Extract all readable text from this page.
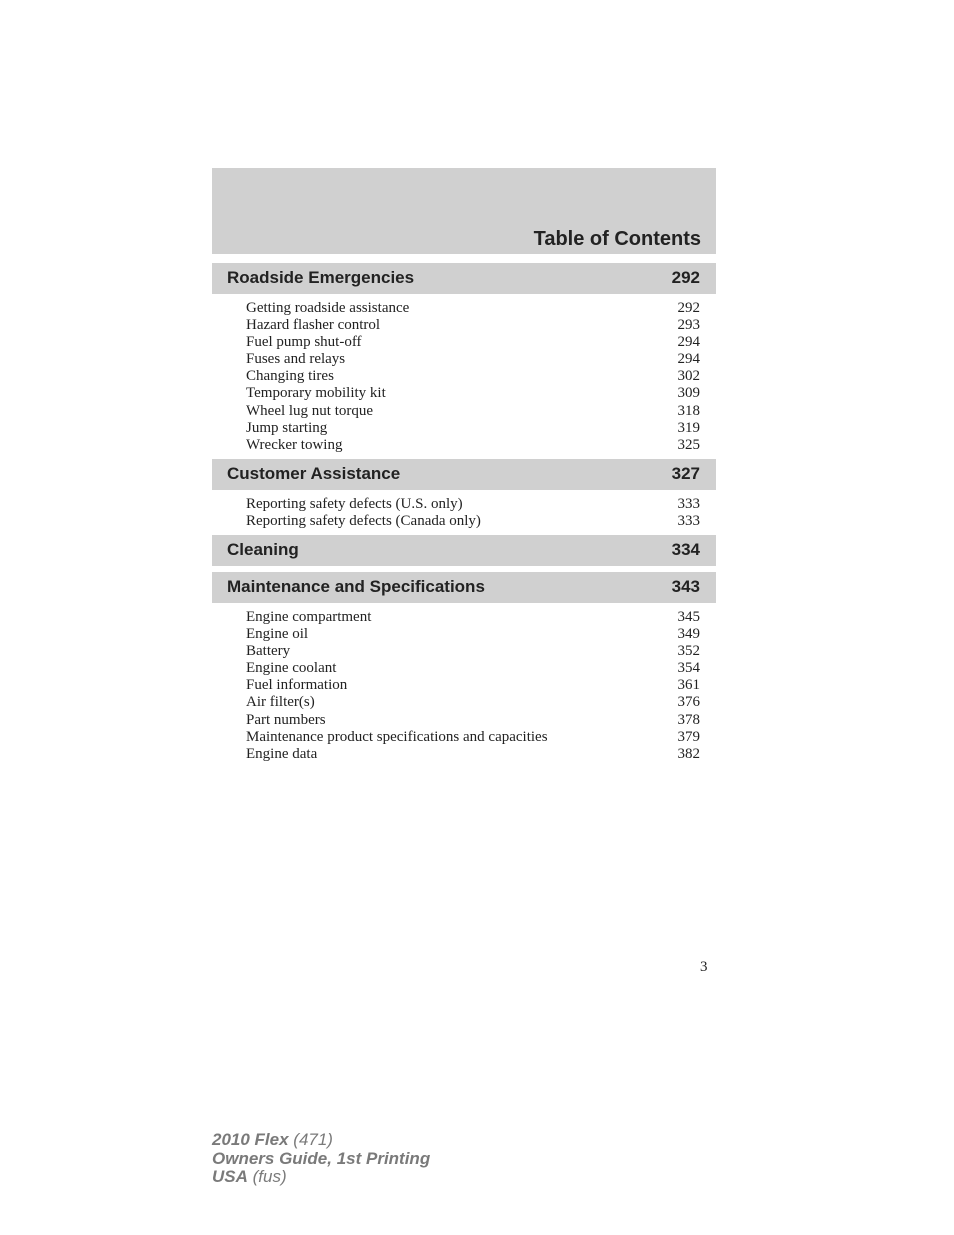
Table of Contents
Roadside Emergencies	292
Getting roadside assistance	292
Hazard flasher control	293
Fuel pump shut-off	294
Fuses and relays	294
Changing tires	302
Temporary mobility kit	309
Wheel lug nut torque	318
Jump starting	319
Wrecker towing	325
Customer Assistance	327
Reporting safety defects (U.S. only)	333
Reporting safety defects (Canada only)	333
Cleaning	334
Maintenance and Specifications	343
Engine compartment	345
Engine oil	349
Battery	352
Engine coolant	354
Fuel information	361
Air filter(s)	376
Part numbers	378
Maintenance product specifications and capacities	379
Engine data	382
3
2010 Flex (471)
Owners Guide, 1st Printing
USA (fus)
